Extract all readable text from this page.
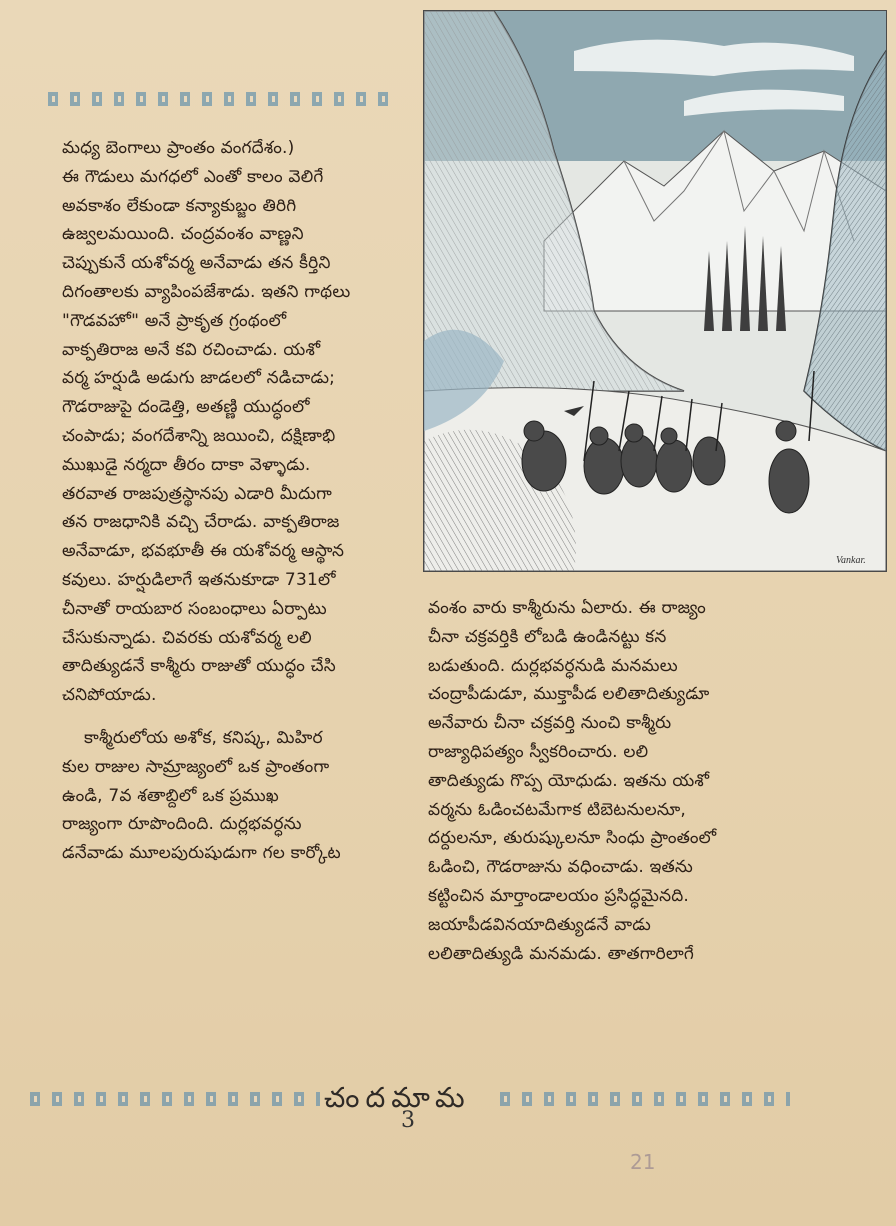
మధ్య బెంగాలు ప్రాంతం వంగదేశం.)

ఈ గౌడులు మగధలో ఎంతో కాలం వెలిగే

అవకాశం లేకుండా కన్యాకుబ్జం తిరిగి

ఉజ్వలమయింది. చంద్రవంశం వాణ్ణని

చెప్పుకునే యశోవర్మ అనేవాడు తన కీర్తిని

దిగంతాలకు వ్యాపింపజేశాడు. ఇతని గాథలు

"గౌడవహో" అనే ప్రాకృత గ్రంథంలో

వాక్పతిరాజ అనే కవి రచించాడు. యశో

వర్మ హర్షుడి అడుగు జాడలలో నడిచాడు;

గౌడరాజుపై దండెత్తి, అతణ్ణి యుద్ధంలో

చంపాడు; వంగదేశాన్ని జయించి, దక్షిణాభి

ముఖుడై నర్మదా తీరం దాకా వెళ్ళాడు.

తరవాత రాజపుత్రస్థానపు ఎడారి మీదుగా

తన రాజధానికి వచ్చి చేరాడు. వాక్పతిరాజ

అనేవాడూ, భవభూతీ ఈ యశోవర్మ ఆస్థాన

కవులు. హర్షుడిలాగే ఇతనుకూడా 731లో

చీనాతో రాయబార సంబంధాలు ఏర్పాటు

చేసుకున్నాడు. చివరకు యశోవర్మ లలి

తాదిత్యుడనే కాశ్మీరు రాజుతో యుద్ధం చేసి

చనిపోయాడు.

కాశ్మీరులోయ అశోక, కనిష్క, మిహిర

కుల రాజుల సామ్రాజ్యంలో ఒక ప్రాంతంగా

ఉండి, 7వ శతాబ్దిలో ఒక ప్రముఖ

రాజ్యంగా రూపొందింది. దుర్లభవర్ధను

డనేవాడు మూలపురుషుడుగా గల కార్కోట

Vankar.

వంశం వారు కాశ్మీరును ఏలారు. ఈ రాజ్యం

చీనా చక్రవర్తికి లోబడి ఉండినట్టు కన

బడుతుంది. దుర్లభవర్ధనుడి మనమలు

చంద్రాపీడుడూ, ముక్తాపీడ లలితాదిత్యుడూ

అనేవారు చీనా చక్రవర్తి నుంచి కాశ్మీరు

రాజ్యాధిపత్యం స్వీకరించారు. లలి

తాదిత్యుడు గొప్ప యోధుడు. ఇతను యశో

వర్మను ఓడించటమేగాక టిబెటనులనూ,

దర్దులనూ, తురుష్కులనూ సింధు ప్రాంతంలో

ఓడించి, గౌడరాజును వధించాడు. ఇతను

కట్టించిన మార్తాండాలయం ప్రసిద్ధమైనది.

జయాపీడవినయాదిత్యుడనే వాడు

లలితాదిత్యుడి మనమడు. తాతగారిలాగే

చందమామ
3
21
